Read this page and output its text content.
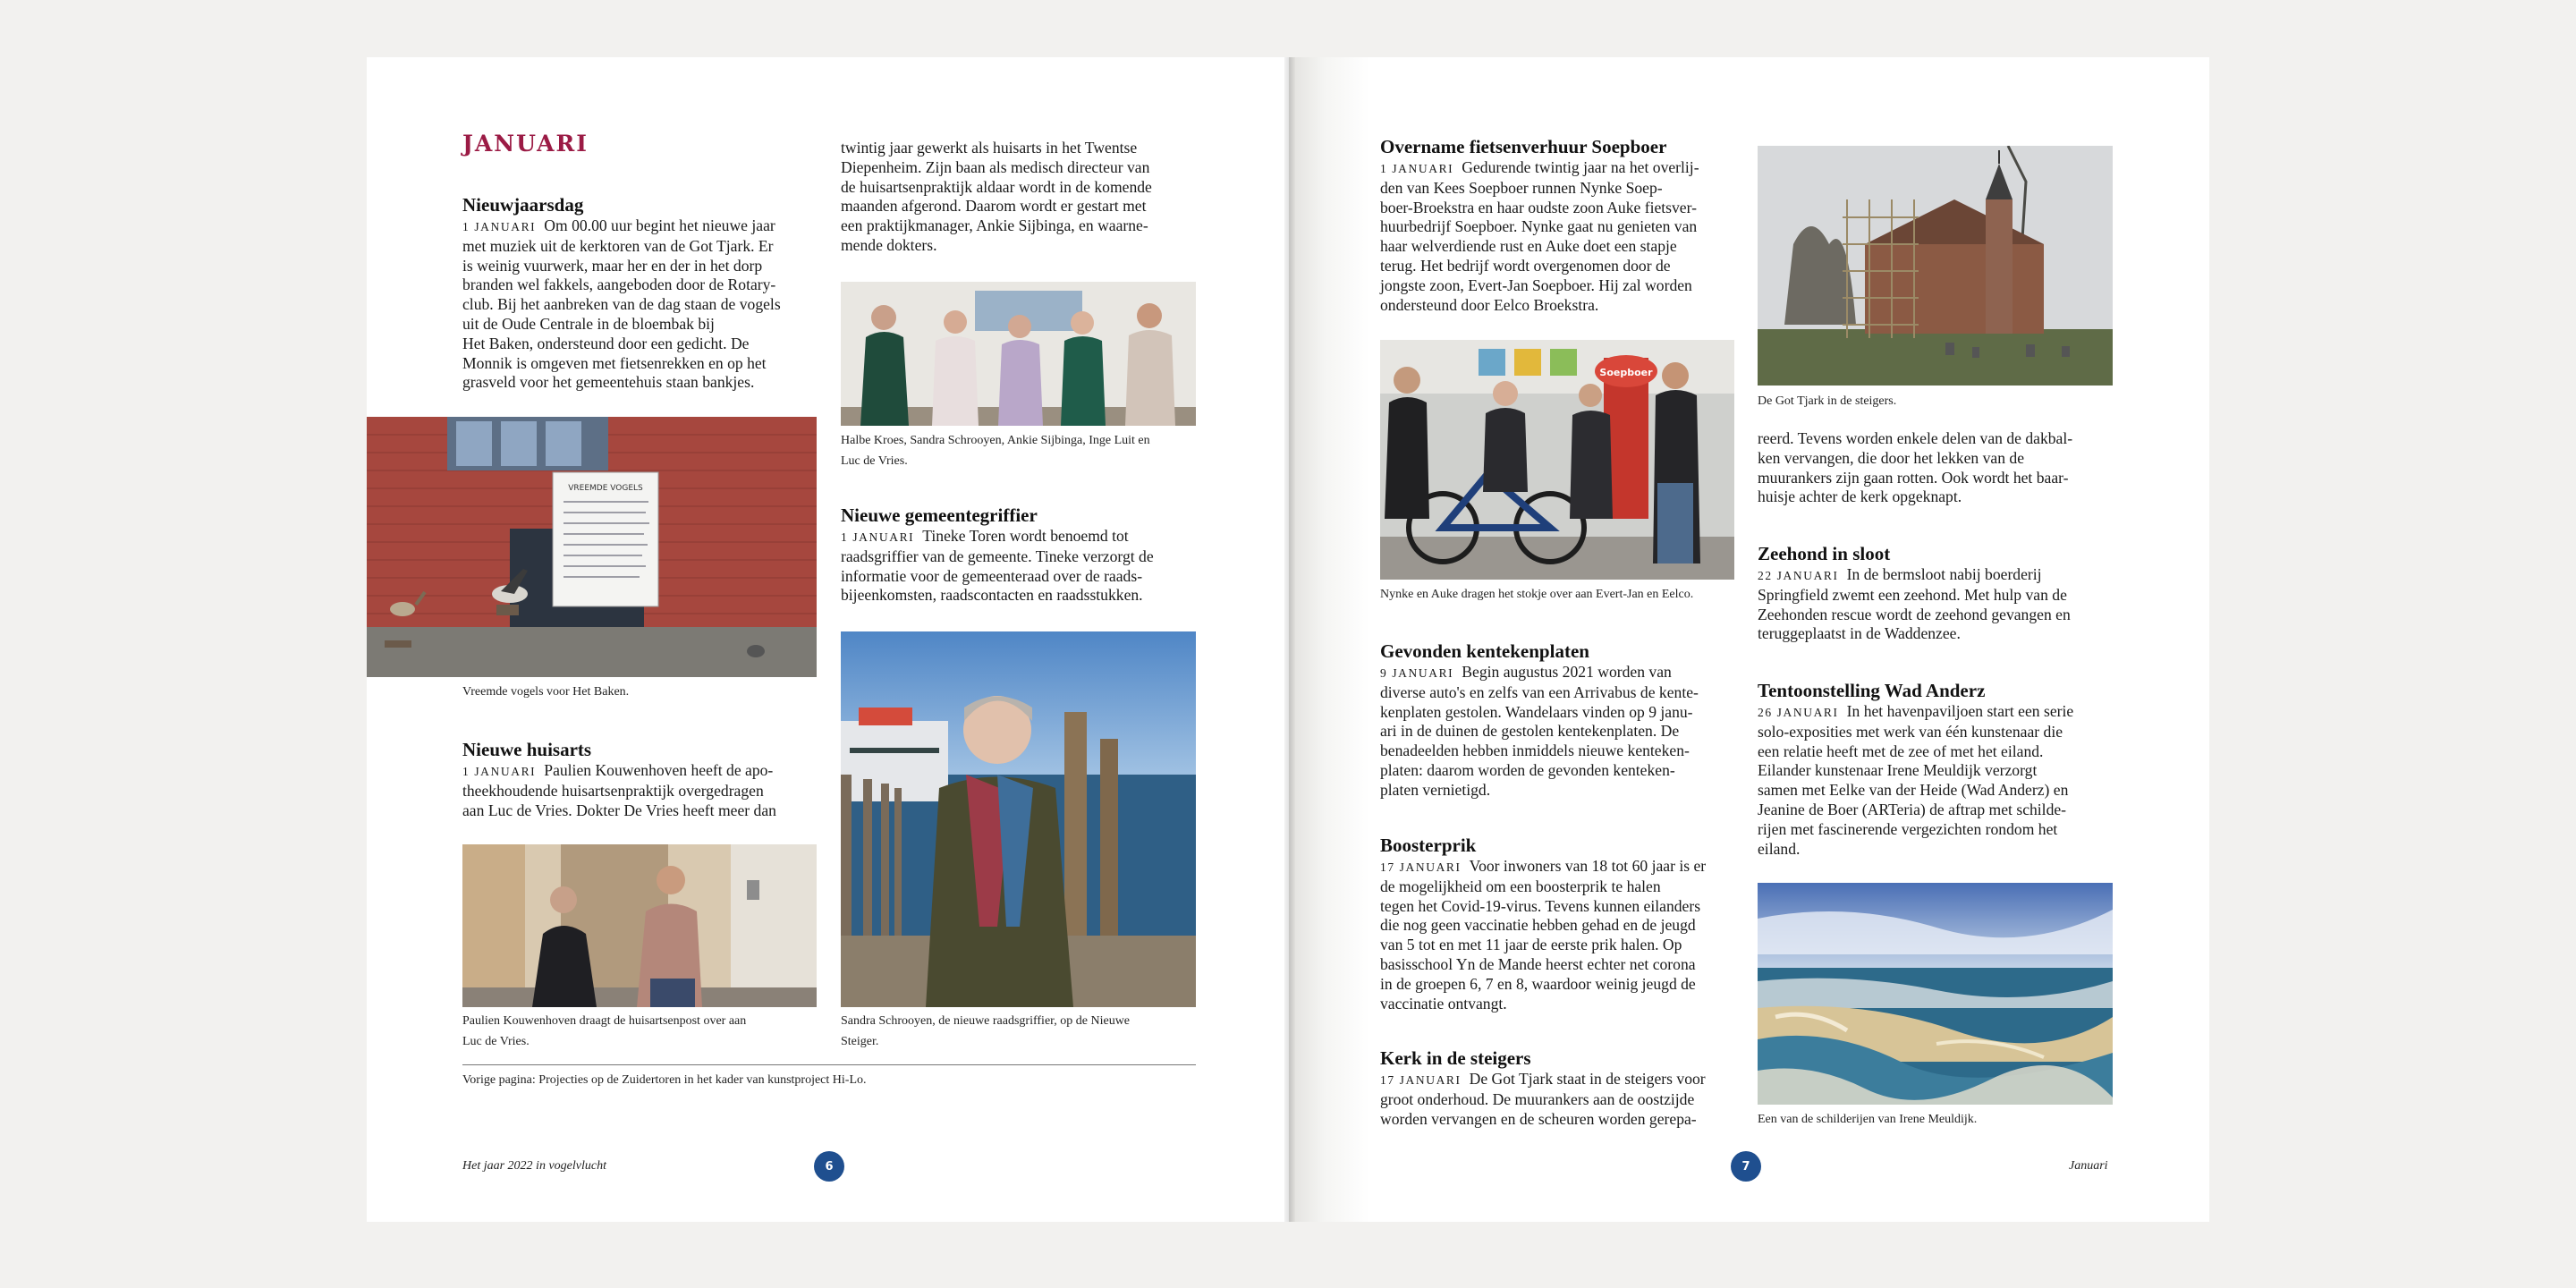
JANUARI
Nieuwjaarsdag
1 JANUARI Om 00.00 uur begint het nieuwe jaar
met muziek uit de kerktoren van de Got Tjark. Er
is weinig vuurwerk, maar her en der in het dorp
branden wel fakkels, aangeboden door de Rotary-
club. Bij het aanbreken van de dag staan de vogels
uit de Oude Centrale in de bloembak bij
Het Baken, ondersteund door een gedicht. De
Monnik is omgeven met fietsenrekken en op het
grasveld voor het gemeentehuis staan bankjes.
VREEMDE VOGELS
Vreemde vogels voor Het Baken.
Nieuwe huisarts
1 JANUARI Paulien Kouwenhoven heeft de apo-
theekhoudende huisartsenpraktijk overgedragen
aan Luc de Vries. Dokter De Vries heeft meer dan
Paulien Kouwenhoven draagt de huisartsenpost over aan
Luc de Vries.
twintig jaar gewerkt als huisarts in het Twentse
Diepenheim. Zijn baan als medisch directeur van
de huisartsenpraktijk aldaar wordt in de komende
maanden afgerond. Daarom wordt er gestart met
een praktijkmanager, Ankie Sijbinga, en waarne-
mende dokters.
Halbe Kroes, Sandra Schrooyen, Ankie Sijbinga, Inge Luit en
Luc de Vries.
Nieuwe gemeentegriffier
1 JANUARI Tineke Toren wordt benoemd tot
raadsgriffier van de gemeente. Tineke verzorgt de
informatie voor de gemeenteraad over de raads-
bijeenkomsten, raadscontacten en raadsstukken.
Sandra Schrooyen, de nieuwe raadsgriffier, op de Nieuwe
Steiger.
Vorige pagina: Projecties op de Zuidertoren in het kader van kunstproject Hi-Lo.
Het jaar 2022 in vogelvlucht	6
Overname fietsenverhuur Soepboer
1 JANUARI Gedurende twintig jaar na het overlij-
den van Kees Soepboer runnen Nynke Soep-
boer-Broekstra en haar oudste zoon Auke fietsver-
huurbedrijf Soepboer. Nynke gaat nu genieten van
haar welverdiende rust en Auke doet een stapje
terug. Het bedrijf wordt overgenomen door de
jongste zoon, Evert-Jan Soepboer. Hij zal worden
ondersteund door Eelco Broekstra.
Soepboer
Nynke en Auke dragen het stokje over aan Evert-Jan en Eelco.
Gevonden kentekenplaten
9 JANUARI Begin augustus 2021 worden van
diverse auto's en zelfs van een Arrivabus de kente-
kenplaten gestolen. Wandelaars vinden op 9 janu-
ari in de duinen de gestolen kentekenplaten. De
benadeelden hebben inmiddels nieuwe kenteken-
platen: daarom worden de gevonden kenteken-
platen vernietigd.
Boosterprik
17 JANUARI Voor inwoners van 18 tot 60 jaar is er
de mogelijkheid om een boosterprik te halen
tegen het Covid-19-virus. Tevens kunnen eilanders
die nog geen vaccinatie hebben gehad en de jeugd
van 5 tot en met 11 jaar de eerste prik halen. Op
basisschool Yn de Mande heerst echter net corona
in de groepen 6, 7 en 8, waardoor weinig jeugd de
vaccinatie ontvangt.
Kerk in de steigers
17 JANUARI De Got Tjark staat in de steigers voor
groot onderhoud. De muurankers aan de oostzijde
worden vervangen en de scheuren worden gerepa-
De Got Tjark in de steigers.
reerd. Tevens worden enkele delen van de dakbal-
ken vervangen, die door het lekken van de
muurankers zijn gaan rotten. Ook wordt het baar-
huisje achter de kerk opgeknapt.
Zeehond in sloot
22 JANUARI In de bermsloot nabij boerderij
Springfield zwemt een zeehond. Met hulp van de
Zeehonden rescue wordt de zeehond gevangen en
teruggeplaatst in de Waddenzee.
Tentoonstelling Wad Anderz
26 JANUARI In het havenpaviljoen start een serie
solo-exposities met werk van één kunstenaar die
een relatie heeft met de zee of met het eiland.
Eilander kunstenaar Irene Meuldijk verzorgt
samen met Eelke van der Heide (Wad Anderz) en
Jeanine de Boer (ARTeria) de aftrap met schilde-
rijen met fascinerende vergezichten rondom het
eiland.
Een van de schilderijen van Irene Meuldijk.
7	Januari
